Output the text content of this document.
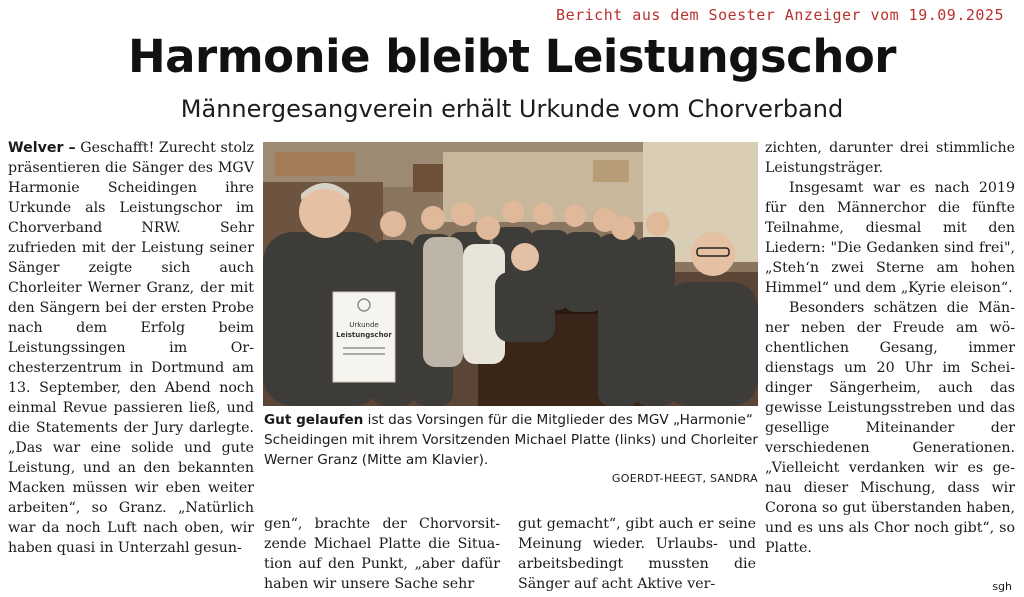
Bericht aus dem Soester Anzeiger vom 19.09.2025
Harmonie bleibt Leistungschor
Männergesangverein erhält Urkunde vom Chorverband

Welver – Geschafft! Zurecht stolz präsentieren die Sänger des MGV Harmonie Scheidingen ihre Urkunde als Leistungschor im Chorverband NRW. Sehr zufrieden mit der Leistung seiner Sänger zeigte sich auch Chorleiter Werner Granz, der mit den Sängern bei der ersten Probe nach dem Erfolg beim Leistungssingen im Orchesterzentrum in Dortmund am 13. September, den Abend noch einmal Revue passieren ließ, und die Statements der Jury darlegte. „Das war eine solide und gute Leistung, und an den bekannten Macken müssen wir eben weiter arbeiten“, so Granz. „Natürlich war da noch Luft nach oben, wir haben quasi in Unterzahl gesun-

Urkunde
Leistungschor
Gut gelaufen ist das Vorsingen für die Mitglieder des MGV „Harmonie“ Scheidingen mit ihrem Vorsitzenden Michael Platte (links) und Chorleiter Werner Granz (Mitte am Klavier).
GOERDT-HEEGT, SANDRA

gen“, brachte der Chorvorsitzende Michael Platte die Situation auf den Punkt, „aber dafür haben wir unsere Sache sehr

gut gemacht“, gibt auch er seine Meinung wieder. Urlaubs- und arbeitsbedingt mussten die Sänger auf acht Aktive ver-

zichten, darunter drei stimmliche Leistungsträger.

Insgesamt war es nach 2019 für den Männerchor die fünfte Teilnahme, diesmal mit den Liedern: "Die Gedanken sind frei", „Steh‘n zwei Sterne am hohen Himmel“ und dem „Kyrie eleison“.

Besonders schätzen die Männer neben der Freude am wöchentlichen Gesang, immer dienstags um 20 Uhr im Scheidinger Sängerheim, auch das gewisse Leistungsstreben und das gesellige Miteinander der verschiedenen Generationen. „Vielleicht verdanken wir es genau dieser Mischung, dass wir Corona so gut überstanden haben, und es uns als Chor noch gibt“, so Platte.

sgh
